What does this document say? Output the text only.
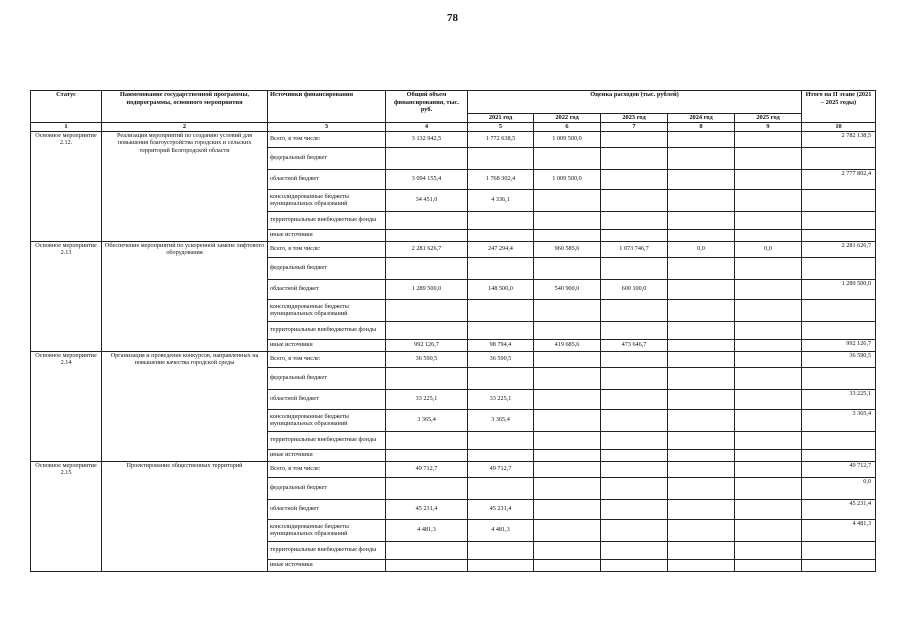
78
Статус	Наименование государственной программы, подпрограммы, основного мероприятия	Источники финансирования	Общий объем финансирования, тыс. руб.	Оценка расходов (тыс. рублей)					Итого на II этапе (2021 – 2025 годы)
				2021 год	2022 год	2023 год	2024 год	2025 год	
1	2	3	4	5	6	7	8	9	10
Основное мероприятие 2.12.	Реализация мероприятий по созданию условий для повышения благоустройства городских и сельских территорий Белгородской области	Всего, в том числе:	3 132 942,5	1 772 638,5	1 009 500,0				2 782 138,5
		федеральный бюджет							
		областной бюджет	3 094 155,4	1 768 302,4	1 009 500,0				2 777 802,4
		консолидированные бюджеты муниципальных образований	34 451,0	4 336,1					
		территориальные внебюджетные фонды							
		иные источники							
Основное мероприятие 2.13	Обеспечение мероприятий по ускоренной замене лифтового оборудования	Всего, в том числе:	2 281 626,7	247 294,4	960 585,6	1 073 746,7	0,0	0,0	2 281 626,7
		федеральный бюджет							
		областной бюджет	1 289 500,0	148 500,0	540 900,0	600 100,0			1 289 500,0
		консолидированные бюджеты муниципальных образований							
		территориальные внебюджетные фонды							
		иные источники	992 126,7	98 794,4	419 685,6	473 646,7			992 126,7
Основное мероприятие 2.14	Организация и проведение конкурсов, направленных на повышение качества городской среды	Всего, в том числе:	36 590,5	36 590,5					36 590,5
		федеральный бюджет							
		областной бюджет	33 225,1	33 225,1					33 225,1
		консолидированные бюджеты муниципальных образований	3 365,4	3 365,4					3 365,4
		территориальные внебюджетные фонды							
		иные источники							
Основное мероприятие 2.15	Проектирование общественных территорий	Всего, в том числе:	49 712,7	49 712,7					49 712,7
		федеральный бюджет							0,0
		областной бюджет	45 231,4	45 231,4					45 231,4
		консолидированные бюджеты муниципальных образований	4 481,3	4 481,3					4 481,3
		территориальные внебюджетные фонды							
		иные источники							
